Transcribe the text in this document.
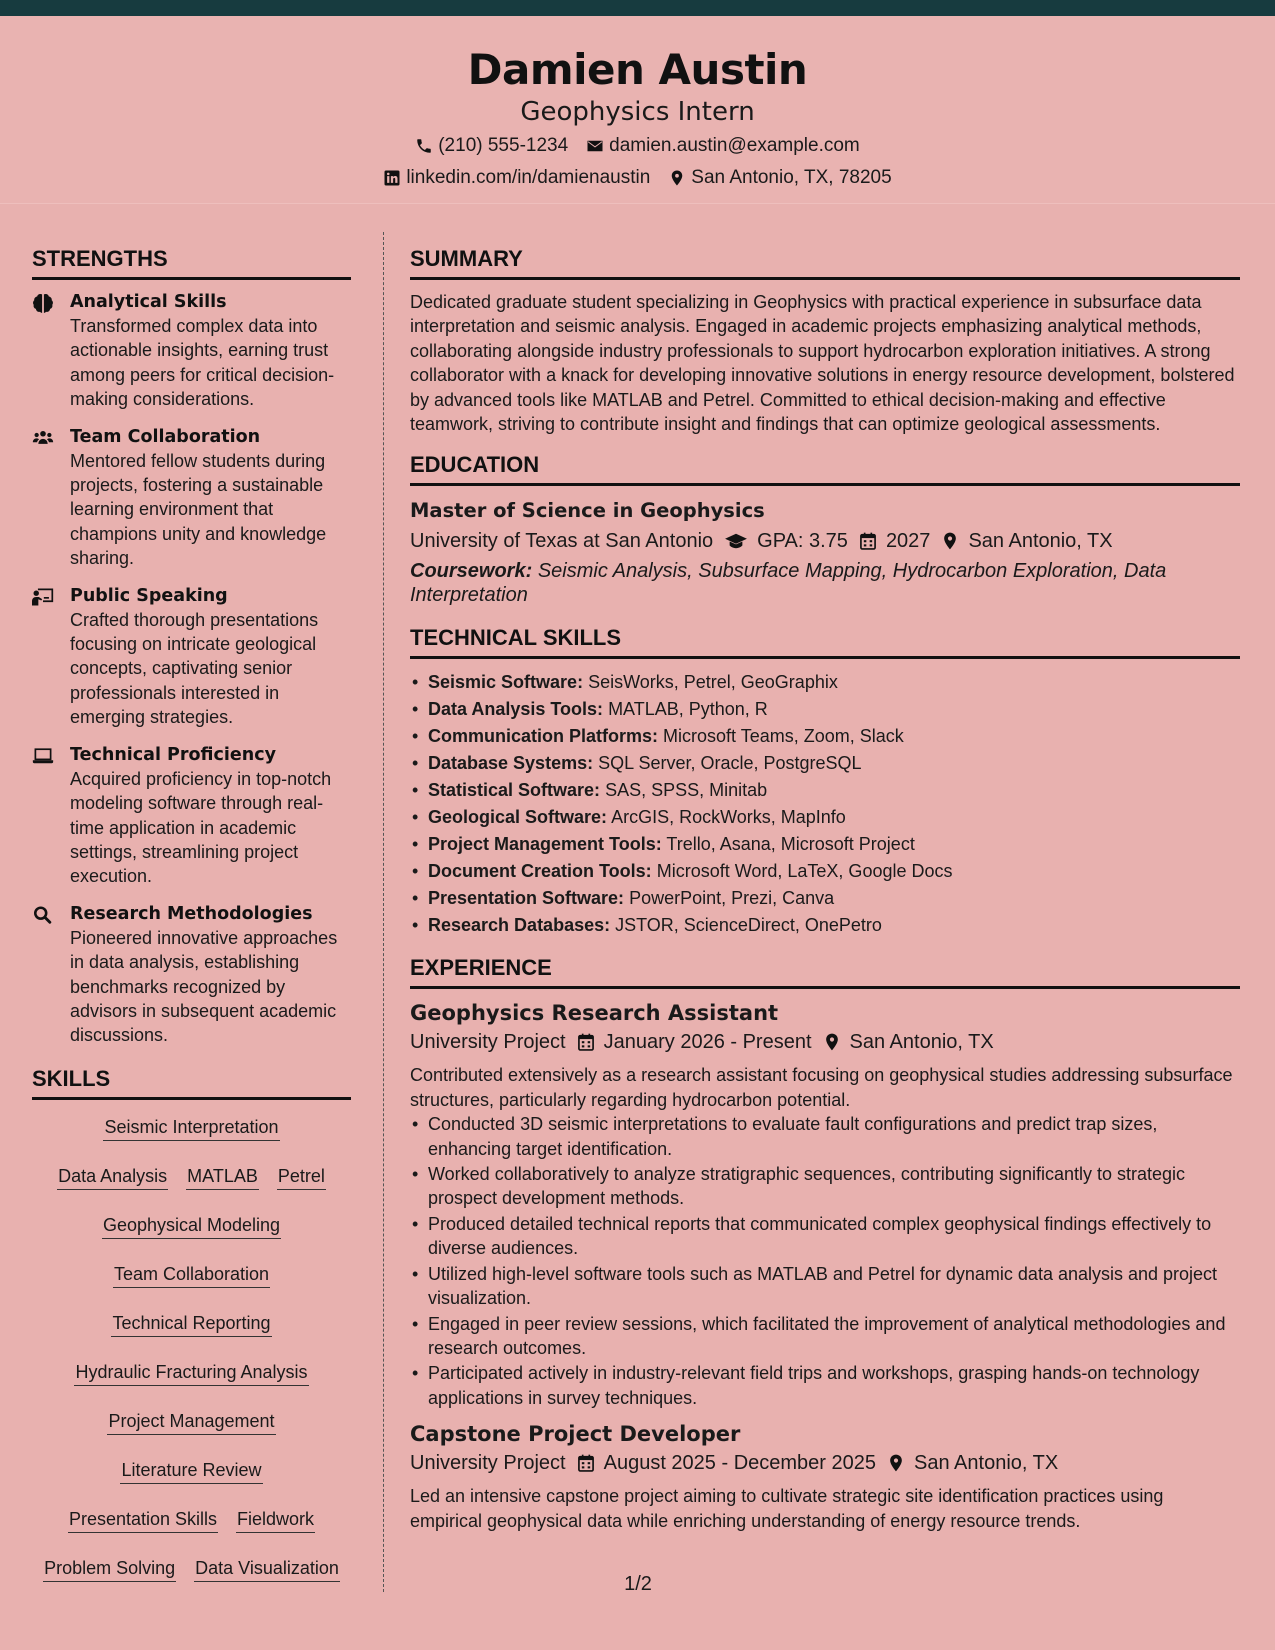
Damien Austin
Geophysics Intern
(210) 555-1234 damien.austin@example.com
linkedin.com/in/damienaustin San Antonio, TX, 78205
STRENGTHS
Analytical Skills

Transformed complex data into actionable insights, earning trust among peers for critical decision-making considerations.

Team Collaboration

Mentored fellow students during projects, fostering a sustainable learning environment that champions unity and knowledge sharing.

Public Speaking

Crafted thorough presentations focusing on intricate geological concepts, captivating senior professionals interested in emerging strategies.

Technical Proficiency

Acquired proficiency in top-notch modeling software through real-time application in academic settings, streamlining project execution.

Research Methodologies

Pioneered innovative approaches in data analysis, establishing benchmarks recognized by advisors in subsequent academic discussions.

SKILLS
Seismic Interpretation
Data Analysis MATLAB Petrel
Geophysical Modeling
Team Collaboration
Technical Reporting
Hydraulic Fracturing Analysis
Project Management
Literature Review
Presentation Skills Fieldwork
Problem Solving Data Visualization
SUMMARY

Dedicated graduate student specializing in Geophysics with practical experience in subsurface data interpretation and seismic analysis. Engaged in academic projects emphasizing analytical methods, collaborating alongside industry professionals to support hydrocarbon exploration initiatives. A strong collaborator with a knack for developing innovative solutions in energy resource development, bolstered by advanced tools like MATLAB and Petrel. Committed to ethical decision-making and effective teamwork, striving to contribute insight and findings that can optimize geological assessments.

EDUCATION
Master of Science in Geophysics
University of Texas at San Antonio GPA: 3.75 2027 San Antonio, TX
Coursework: Seismic Analysis, Subsurface Mapping, Hydrocarbon Exploration, Data Interpretation
TECHNICAL SKILLS
• Seismic Software: SeisWorks, Petrel, GeoGraphix
• Data Analysis Tools: MATLAB, Python, R
• Communication Platforms: Microsoft Teams, Zoom, Slack
• Database Systems: SQL Server, Oracle, PostgreSQL
• Statistical Software: SAS, SPSS, Minitab
• Geological Software: ArcGIS, RockWorks, MapInfo
• Project Management Tools: Trello, Asana, Microsoft Project
• Document Creation Tools: Microsoft Word, LaTeX, Google Docs
• Presentation Software: PowerPoint, Prezi, Canva
• Research Databases: JSTOR, ScienceDirect, OnePetro
EXPERIENCE
Geophysics Research Assistant
University Project January 2026 - Present San Antonio, TX

Contributed extensively as a research assistant focusing on geophysical studies addressing subsurface structures, particularly regarding hydrocarbon potential.

• Conducted 3D seismic interpretations to evaluate fault configurations and predict trap sizes, enhancing target identification.
• Worked collaboratively to analyze stratigraphic sequences, contributing significantly to strategic prospect development methods.
• Produced detailed technical reports that communicated complex geophysical findings effectively to diverse audiences.
• Utilized high-level software tools such as MATLAB and Petrel for dynamic data analysis and project visualization.
• Engaged in peer review sessions, which facilitated the improvement of analytical methodologies and research outcomes.
• Participated actively in industry-relevant field trips and workshops, grasping hands-on technology applications in survey techniques.
Capstone Project Developer
University Project August 2025 - December 2025 San Antonio, TX

Led an intensive capstone project aiming to cultivate strategic site identification practices using empirical geophysical data while enriching understanding of energy resource trends.

1/2
